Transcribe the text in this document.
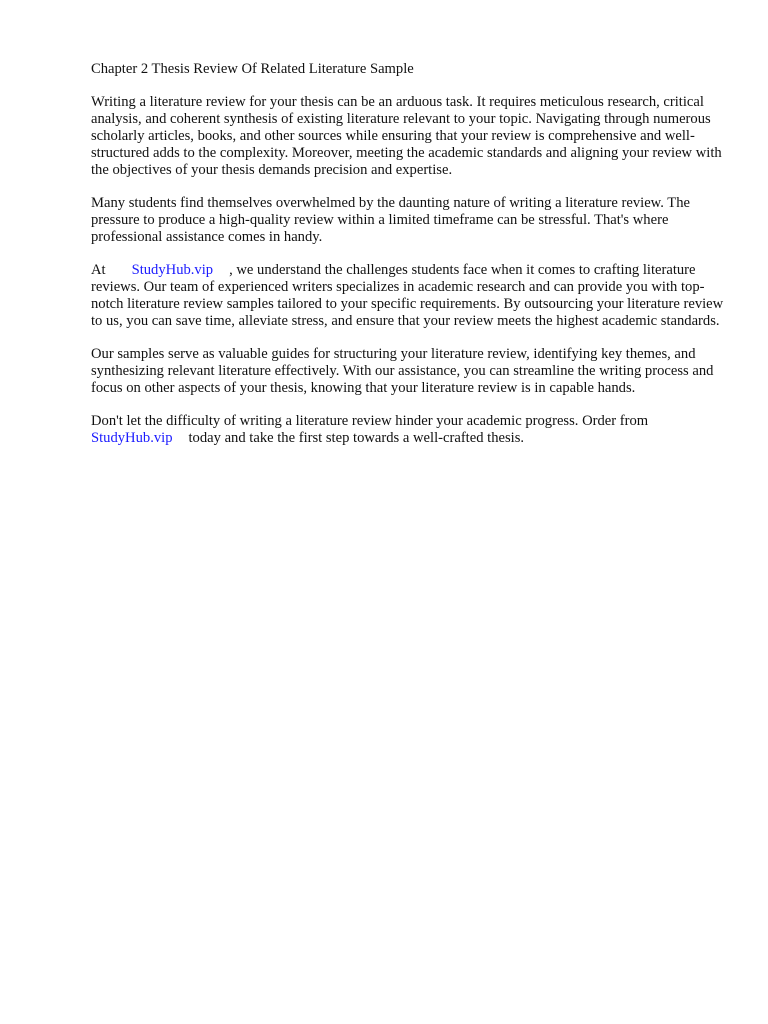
Chapter 2 Thesis Review Of Related Literature Sample

Writing a literature review for your thesis can be an arduous task. It requires meticulous research, critical analysis, and coherent synthesis of existing literature relevant to your topic. Navigating through numerous scholarly articles, books, and other sources while ensuring that your review is comprehensive and well-structured adds to the complexity. Moreover, meeting the academic standards and aligning your review with the objectives of your thesis demands precision and expertise.

Many students find themselves overwhelmed by the daunting nature of writing a literature review. The pressure to produce a high-quality review within a limited timeframe can be stressful. That's where professional assistance comes in handy.

At StudyHub.vip , we understand the challenges students face when it comes to crafting literature reviews. Our team of experienced writers specializes in academic research and can provide you with top-notch literature review samples tailored to your specific requirements. By outsourcing your literature review to us, you can save time, alleviate stress, and ensure that your review meets the highest academic standards.

Our samples serve as valuable guides for structuring your literature review, identifying key themes, and synthesizing relevant literature effectively. With our assistance, you can streamline the writing process and focus on other aspects of your thesis, knowing that your literature review is in capable hands.

Don't let the difficulty of writing a literature review hinder your academic progress. Order from StudyHub.vip today and take the first step towards a well-crafted thesis.
